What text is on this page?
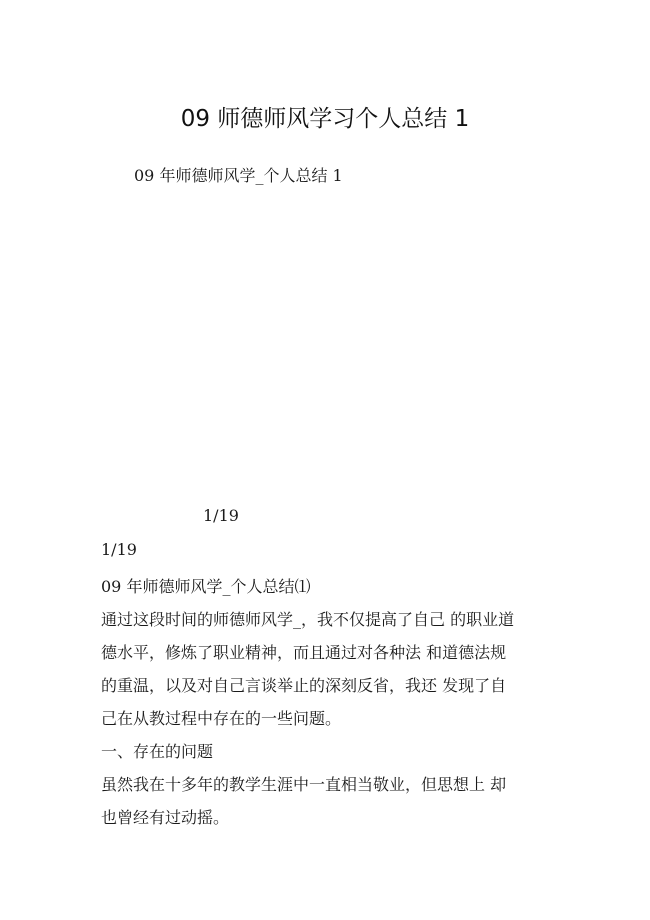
09 师德师风学习个人总结 1

09 年师德师风学_个人总结 1

1/19

1/19

09 年师德师风学_个人总结⑴

通过这段时间的师德师风学_，我不仅提高了自己 的职业道

德水平，修炼了职业精神，而且通过对各种法 和道德法规

的重温，以及对自己言谈举止的深刻反省，我还 发现了自

己在从教过程中存在的一些问题。

一、存在的问题

虽然我在十多年的教学生涯中一直相当敬业，但思想上 却

也曾经有过动摇。
